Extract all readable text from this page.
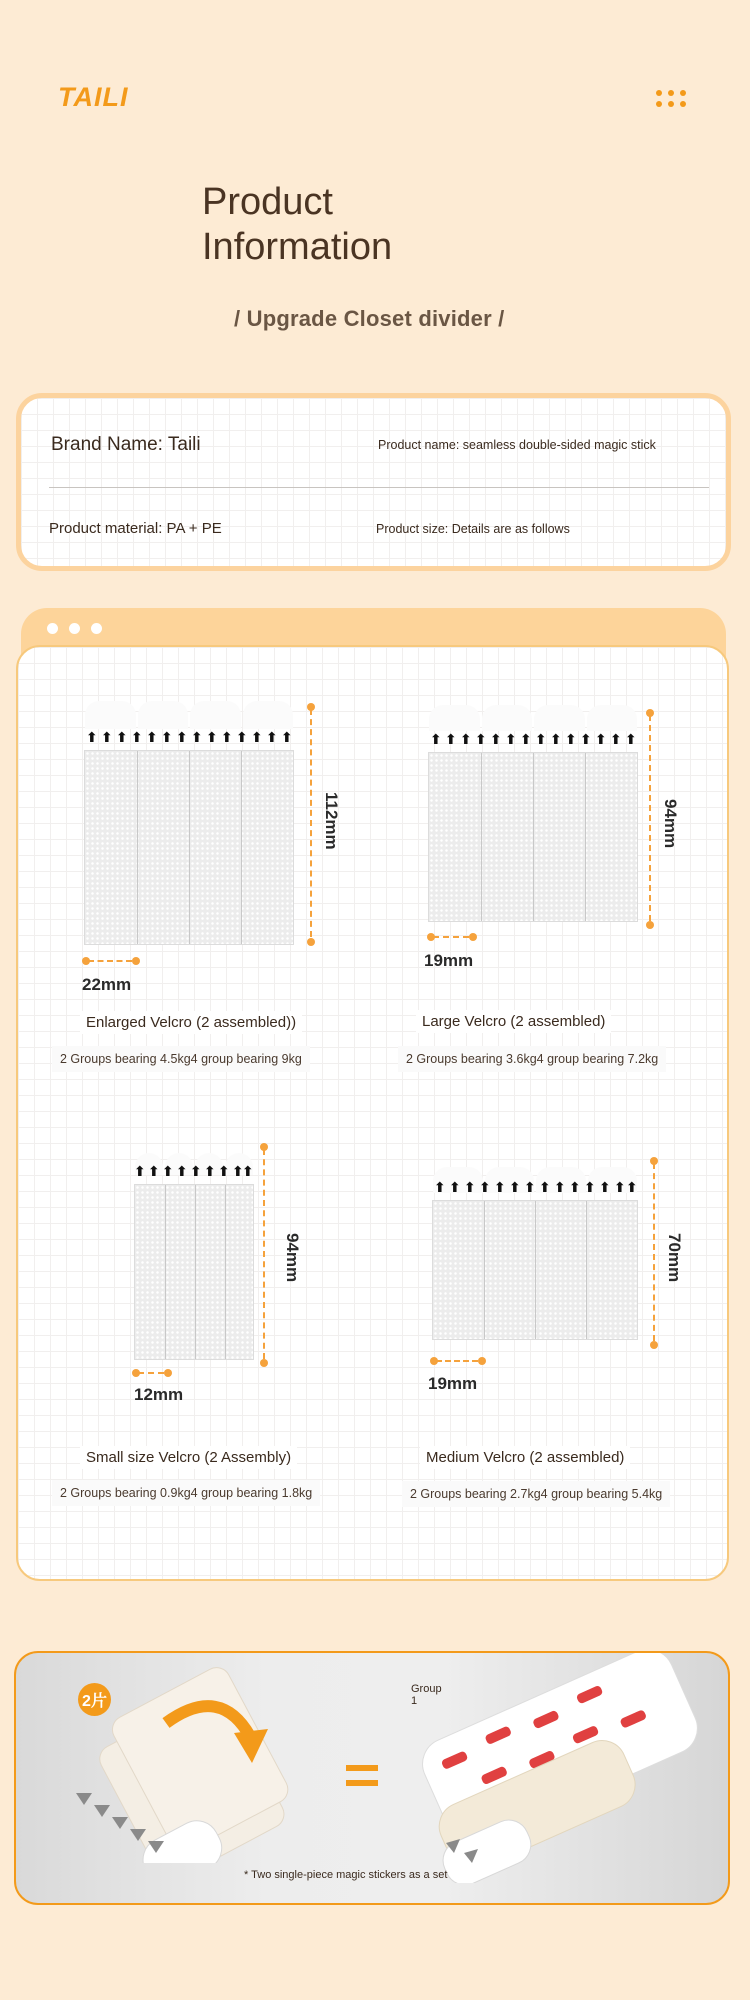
TAILI
Product
Information
/ Upgrade Closet divider /
Brand Name: Taili	Product name: seamless double-sided magic stick
Product material: PA + PE	Product size: Details are as follows
⬆ ⬆ ⬆ ⬆ ⬆ ⬆ ⬆ ⬆ ⬆ ⬆ ⬆ ⬆ ⬆ ⬆
112mm
22mm
Enlarged Velcro (2 assembled))
2 Groups bearing 4.5kg4 group bearing 9kg
⬆ ⬆ ⬆ ⬆ ⬆ ⬆ ⬆ ⬆ ⬆ ⬆ ⬆ ⬆ ⬆ ⬆
94mm
19mm
Large Velcro (2 assembled)
2 Groups bearing 3.6kg4 group bearing 7.2kg
⬆ ⬆ ⬆ ⬆ ⬆ ⬆ ⬆ ⬆
⬆
94mm
12mm
Small size Velcro (2 Assembly)
2 Groups bearing 0.9kg4 group bearing 1.8kg
⬆ ⬆ ⬆ ⬆ ⬆ ⬆ ⬆ ⬆ ⬆ ⬆ ⬆ ⬆ ⬆ ⬆
70mm
19mm
Medium Velcro (2 assembled)
2 Groups bearing 2.7kg4 group bearing 5.4kg
2片
Group
1	TAILI
* Two single-piece magic stickers as a set
